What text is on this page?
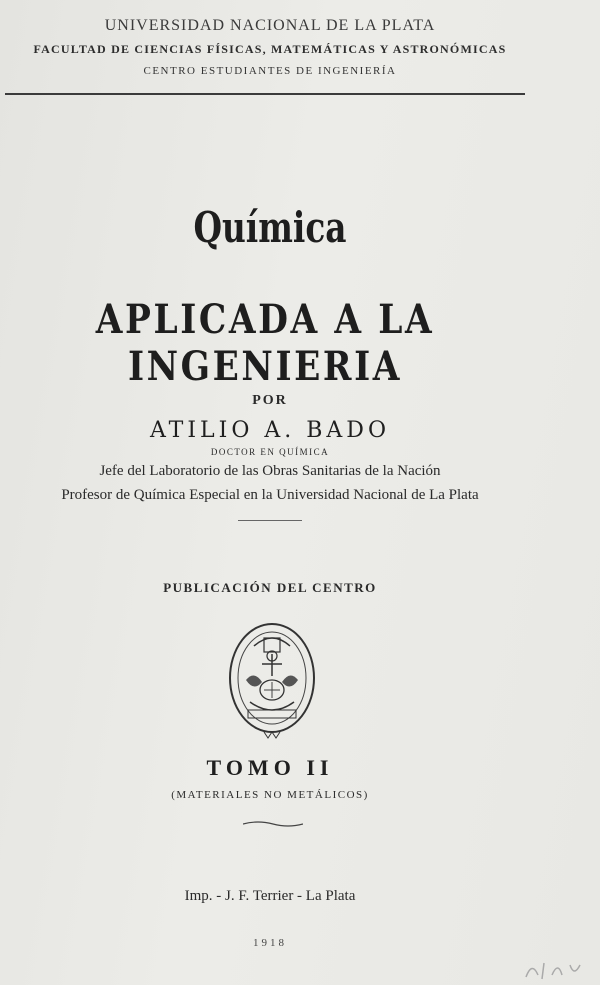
UNIVERSIDAD NACIONAL DE LA PLATA
FACULTAD DE CIENCIAS FÍSICAS, MATEMÁTICAS Y ASTRONÓMICAS
CENTRO ESTUDIANTES DE INGENIERÍA
Química
APLICADA A LA INGENIERIA
POR
ATILIO A. BADO
DOCTOR EN QUÍMICA
Jefe del Laboratorio de las Obras Sanitarias de la Nación
Profesor de Química Especial en la Universidad Nacional de La Plata
PUBLICACIÓN DEL CENTRO
TOMO II
(MATERIALES NO METÁLICOS)
Imp. - J. F. Terrier - La Plata
1918
